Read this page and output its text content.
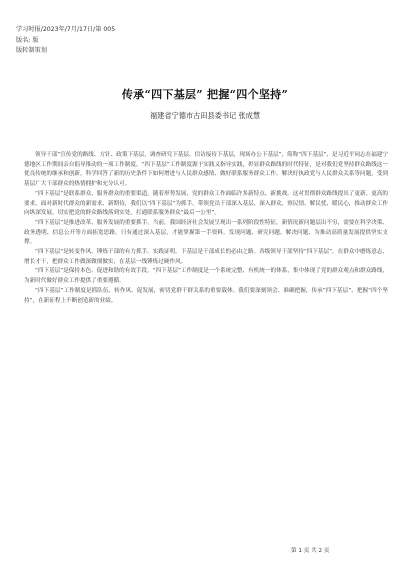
学习时报/2023年/7月/17日/第 005
版名: 版
版转制策划
传承“四下基层” 把握“四个坚持”
福建省宁德市古田县委书记 张成慧

领导干部“宣传党的路线、方针、政策下基层，调查研究下基层，信访接待下基层，现场办公下基层”，简称“四下基层”，是习近平同志在福建宁德地区工作期间亲自倡导推动的一项工作制度。“四下基层”工作制度源于实践又指导实践，彰显群众路线的时代特征，是对我们党坚持群众路线这一优良传统的继承和创新。科学回答了新的历史条件下如何增进与人民群众感情、做好联系服务群众工作、解决好执政党与人民群众关系等问题，受到基层广大干部群众的热情拥护和充分认可。

“四下基层”是联系群众、服务群众的重要渠道。随着形势发展，党的群众工作面临许多新特点、新挑战。这对贯彻群众路线提出了更新、更高的要求。面对新时代群众的新需求、新期待，我们以“四下基层”为抓手，带领党员干部深入基层、深入群众，察民情、解民忧、暖民心，推动群众工作向纵深发展，切实把党的群众路线落到实处，打通联系服务群众“最后一公里”。

“四下基层”是推进改革、服务发展的重要抓手。当前，我国经济社会发展呈现出一系列阶段性特征，新情况新问题层出不穷，需要在科学决策、政务透明、信息公开等方面拓宽思路。只有通过深入基层，才能掌握第一手资料，发现问题、研究问题、解决问题，为推动高质量发展提供坚实支撑。

“四下基层”是转变作风、锤炼干部的有力抓手。实践证明，下基层是干部成长的必由之路。各级领导干部坚持“四下基层”，在群众中磨练意志、增长才干，把群众工作做深做细做实，在基层一线锤炼过硬作风。

“四下基层”是保持本色、促进和谐的有效手段。“四下基层”工作制度是一个系统完整、有机统一的体系，集中体现了党的群众观点和群众路线，为新时代做好群众工作提供了重要遵循。

“四下基层”工作制度是抓队伍、转作风、促发展，密切党群干群关系的重要载体。我们要深刻领会、准确把握，传承“四下基层”、把握“四个坚持”，在新征程上不断创造新的业绩。

第 1 页 共 2 页
